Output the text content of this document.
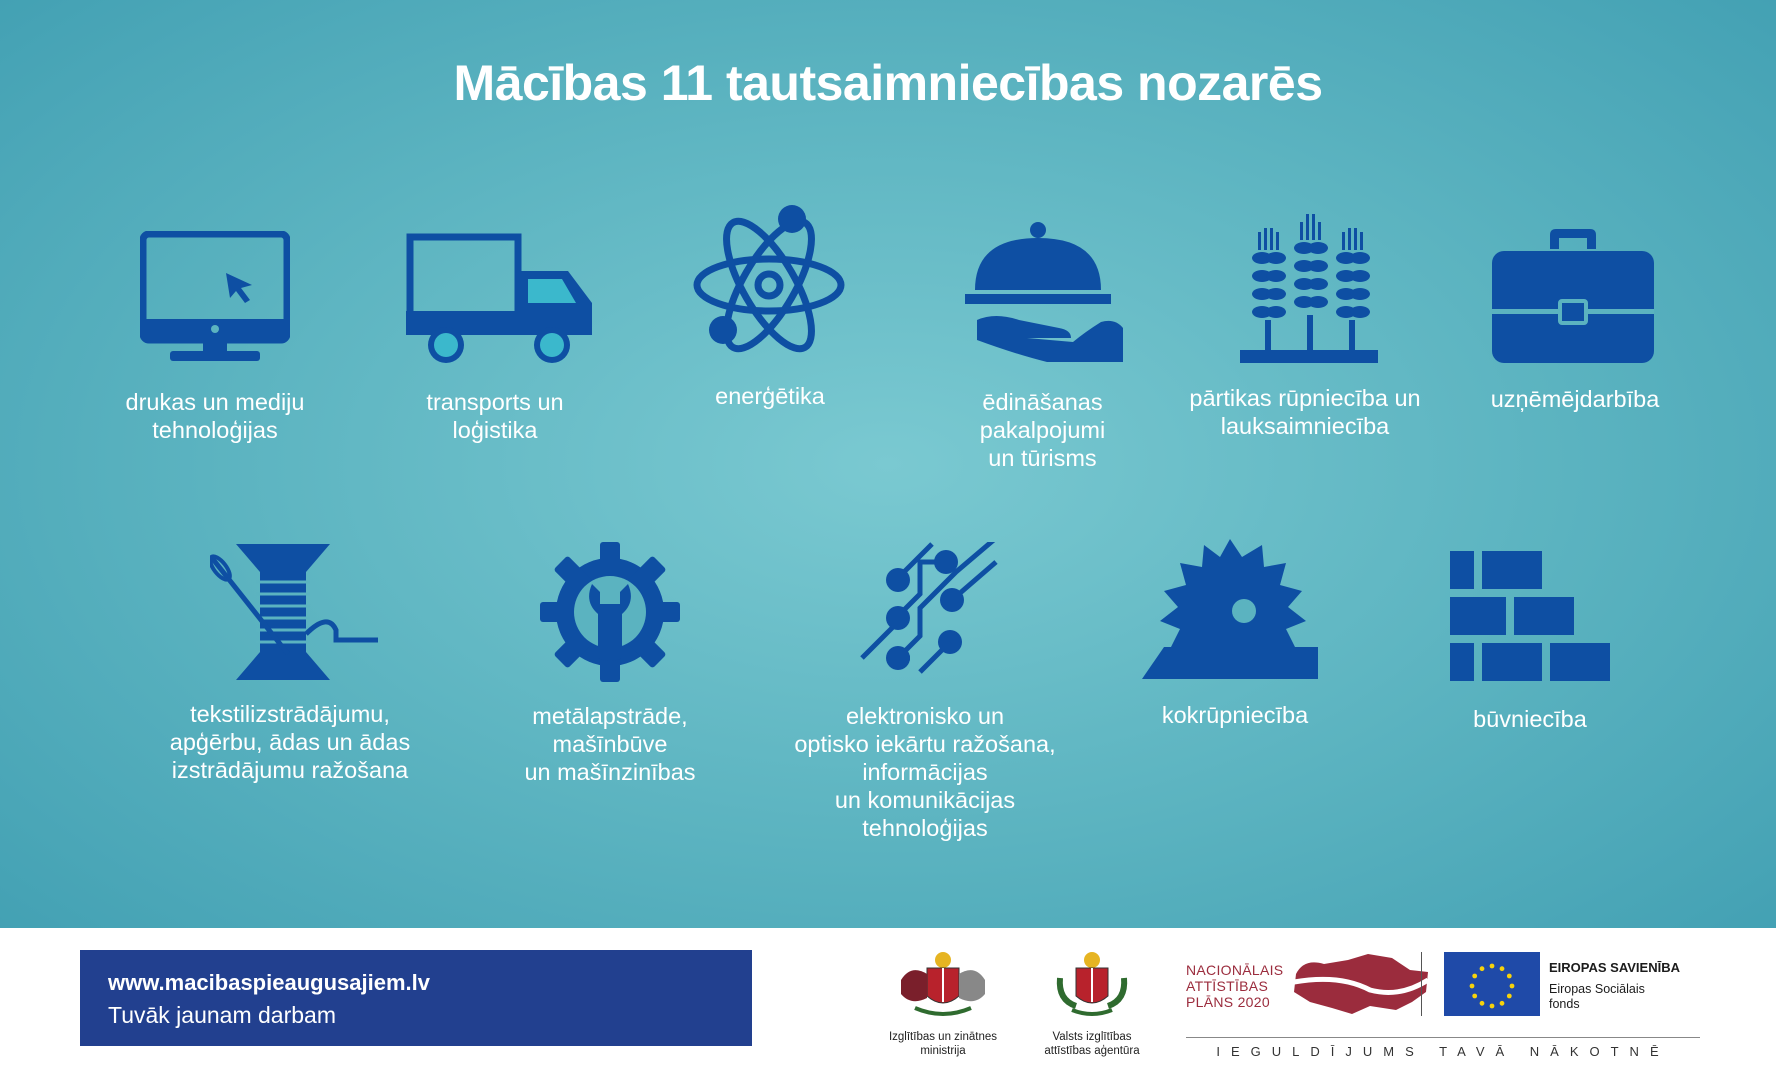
Mācības 11 tautsaimniecības nozarēs
drukas un mediju
tehnoloģijas
transports un
loģistika
enerģētika	ēdināšanas
pakalpojumi
un tūrisms
pārtikas rūpniecība un
lauksaimniecība
uzņēmējdarbība
tekstilizstrādājumu,
apģērbu, ādas un ādas
izstrādājumu ražošana
metālapstrāde,
mašīnbūve
un mašīnzinības
elektronisko un
optisko iekārtu ražošana,
informācijas
un komunikācijas
tehnoloģijas
kokrūpniecība	būvniecība
www.macibaspieaugusajiem.lv
Tuvāk jaunam darbam
Izglītības un zinātnes
ministrija
Valsts izglītības
attīstības aģentūra
NACIONĀLAIS
ATTĪSTĪBAS
PLĀNS 2020
EIROPAS SAVIENĪBA
Eiropas Sociālais
fonds
IEGULDĪJUMS TAVĀ NĀKOTNĒ
